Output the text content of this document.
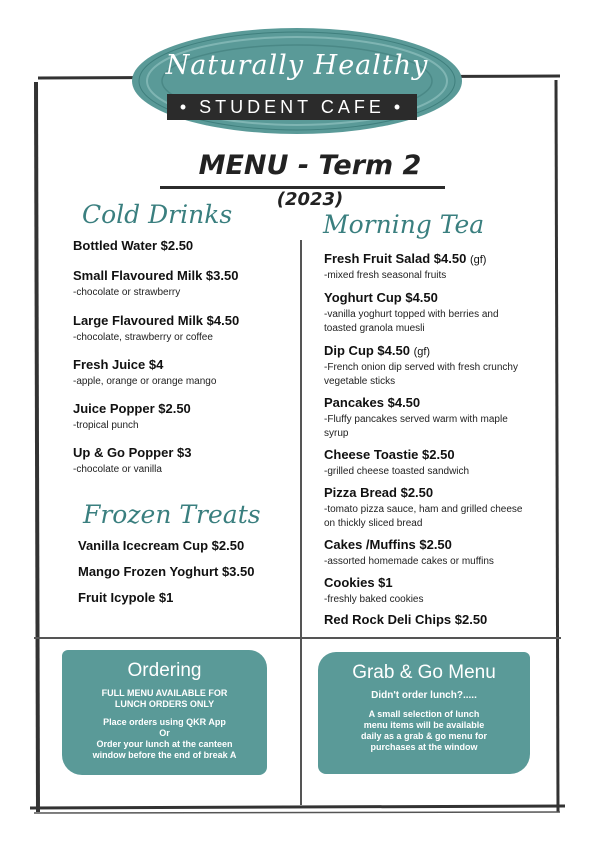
Naturally Healthy
• STUDENT CAFE •
MENU - Term 2 (2023)
Cold Drinks
Bottled Water $2.50
Small Flavoured Milk $3.50
-chocolate or strawberry
Large Flavoured Milk $4.50
-chocolate, strawberry or coffee
Fresh Juice $4
-apple, orange or orange mango
Juice Popper $2.50
-tropical punch
Up & Go Popper $3
-chocolate or vanilla
Frozen Treats
Vanilla Icecream Cup $2.50
Mango Frozen Yoghurt $3.50
Fruit Icypole $1
Morning Tea
Fresh Fruit Salad $4.50 (gf)
-mixed fresh seasonal fruits
Yoghurt Cup $4.50
-vanilla yoghurt topped with berries and toasted granola muesli
Dip Cup $4.50 (gf)
-French onion dip served with fresh crunchy vegetable sticks
Pancakes $4.50
-Fluffy pancakes served warm with maple syrup
Cheese Toastie $2.50
-grilled cheese toasted sandwich
Pizza Bread $2.50
-tomato pizza sauce, ham and grilled cheese on thickly sliced bread
Cakes /Muffins $2.50
-assorted homemade cakes or muffins
Cookies $1
-freshly baked cookies
Red Rock Deli Chips $2.50
Ordering
FULL MENU AVAILABLE FOR
LUNCH ORDERS ONLY
Place orders using QKR App
Or
Order your lunch at the canteen
window before the end of break A
Grab & Go Menu
Didn't order lunch?.....
A small selection of lunch
menu items will be available
daily as a grab & go menu for
purchases at the window
